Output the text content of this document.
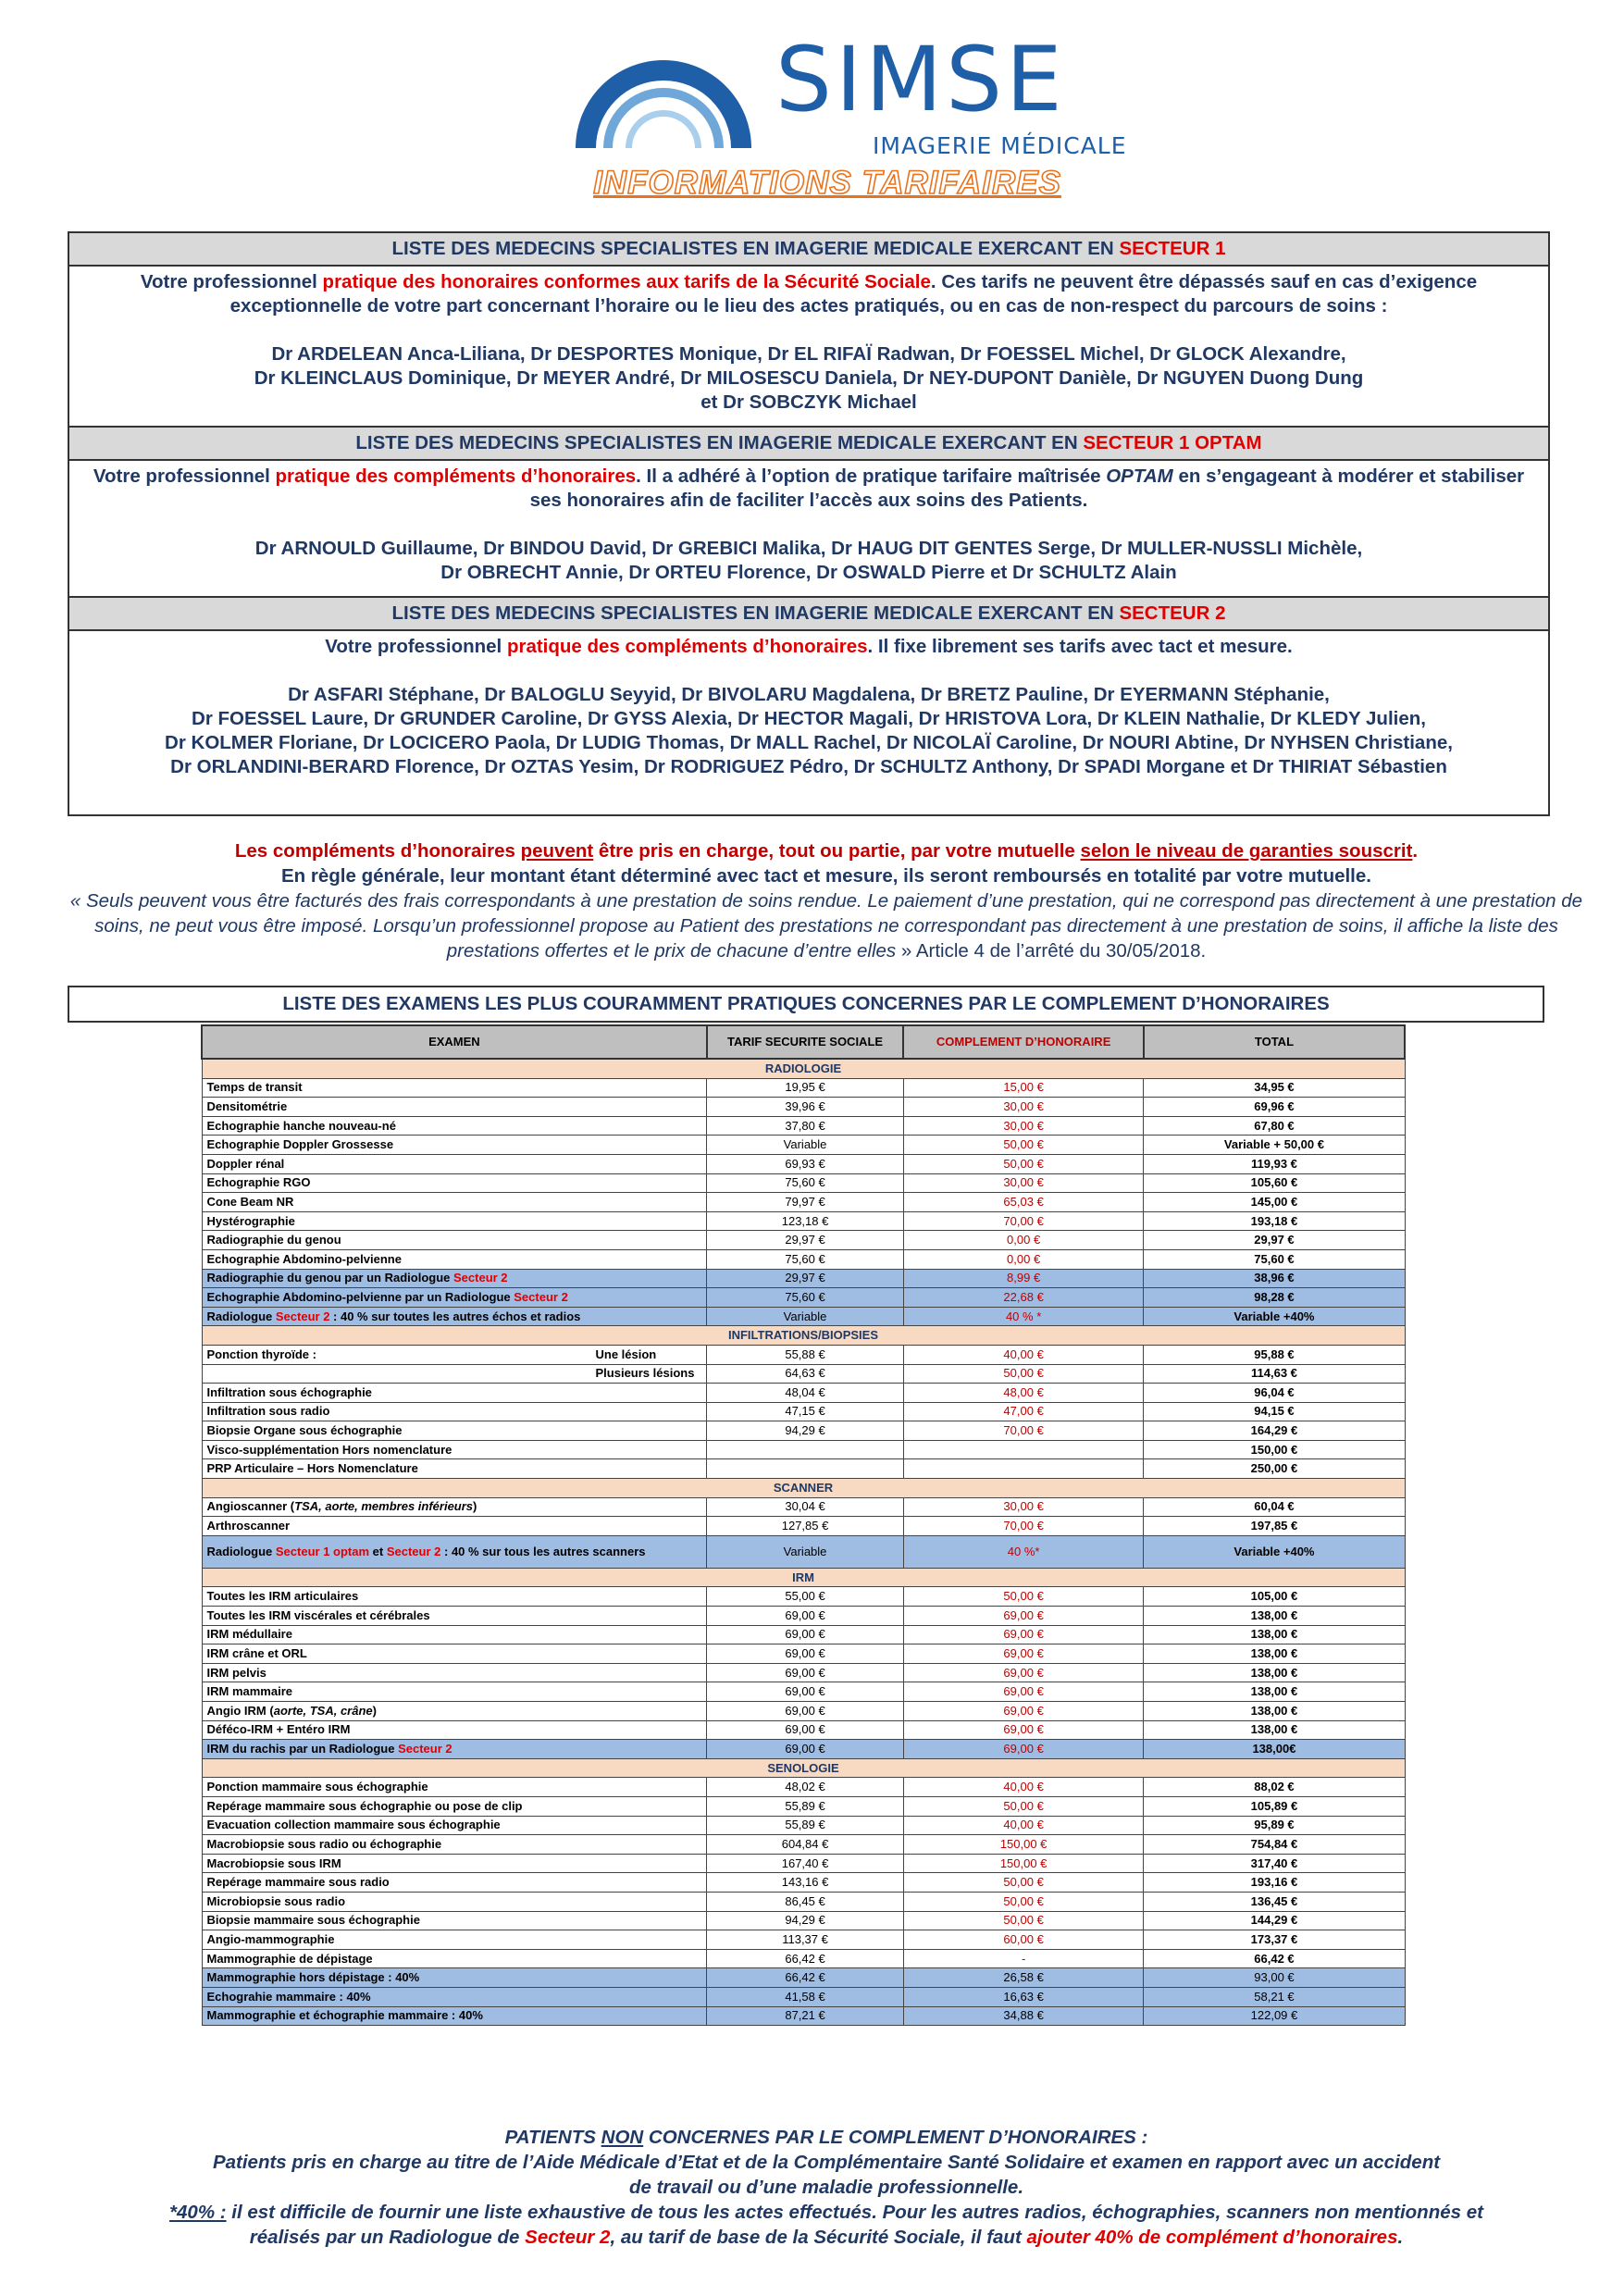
SIMSE
IMAGERIE MÉDICALE
INFORMATIONS TARIFAIRES
LISTE DES MEDECINS SPECIALISTES EN IMAGERIE MEDICALE EXERCANT EN SECTEUR 1
Votre professionnel pratique des honoraires conformes aux tarifs de la Sécurité Sociale. Ces tarifs ne peuvent être dépassés sauf en cas d’exigence exceptionnelle de votre part concernant l’horaire ou le lieu des actes pratiqués, ou en cas de non-respect du parcours de soins :
Dr ARDELEAN Anca-Liliana, Dr DESPORTES Monique, Dr EL RIFAÏ Radwan, Dr FOESSEL Michel, Dr GLOCK Alexandre,
Dr KLEINCLAUS Dominique, Dr MEYER André, Dr MILOSESCU Daniela, Dr NEY-DUPONT Danièle, Dr NGUYEN Duong Dung
et Dr SOBCZYK Michael
LISTE DES MEDECINS SPECIALISTES EN IMAGERIE MEDICALE EXERCANT EN SECTEUR 1 OPTAM
Votre professionnel pratique des compléments d’honoraires. Il a adhéré à l’option de pratique tarifaire maîtrisée OPTAM en s’engageant à modérer et stabiliser ses honoraires afin de faciliter l’accès aux soins des Patients.
Dr ARNOULD Guillaume, Dr BINDOU David, Dr GREBICI Malika, Dr HAUG DIT GENTES Serge, Dr MULLER-NUSSLI Michèle,
Dr OBRECHT Annie, Dr ORTEU Florence, Dr OSWALD Pierre et Dr SCHULTZ Alain
LISTE DES MEDECINS SPECIALISTES EN IMAGERIE MEDICALE EXERCANT EN SECTEUR 2
Votre professionnel pratique des compléments d’honoraires. Il fixe librement ses tarifs avec tact et mesure.
Dr ASFARI Stéphane, Dr BALOGLU Seyyid, Dr BIVOLARU Magdalena, Dr BRETZ Pauline, Dr EYERMANN Stéphanie,
Dr FOESSEL Laure, Dr GRUNDER Caroline, Dr GYSS Alexia, Dr HECTOR Magali, Dr HRISTOVA Lora, Dr KLEIN Nathalie, Dr KLEDY Julien,
Dr KOLMER Floriane, Dr LOCICERO Paola, Dr LUDIG Thomas, Dr MALL Rachel, Dr NICOLAÏ Caroline, Dr NOURI Abtine, Dr NYHSEN Christiane,
Dr ORLANDINI-BERARD Florence, Dr OZTAS Yesim, Dr RODRIGUEZ Pédro, Dr SCHULTZ Anthony, Dr SPADI Morgane et Dr THIRIAT Sébastien
Les compléments d’honoraires peuvent être pris en charge, tout ou partie, par votre mutuelle selon le niveau de garanties souscrit.
En règle générale, leur montant étant déterminé avec tact et mesure, ils seront remboursés en totalité par votre mutuelle.
« Seuls peuvent vous être facturés des frais correspondants à une prestation de soins rendue. Le paiement d’une prestation, qui ne correspond pas directement à une prestation de soins, ne peut vous être imposé. Lorsqu’un professionnel propose au Patient des prestations ne correspondant pas directement à une prestation de soins, il affiche la liste des prestations offertes et le prix de chacune d’entre elles » Article 4 de l’arrêté du 30/05/2018.
LISTE DES EXAMENS LES PLUS COURAMMENT PRATIQUES CONCERNES PAR LE COMPLEMENT D’HONORAIRES
EXAMEN	TARIF SECURITE SOCIALE	COMPLEMENT D’HONORAIRE	TOTAL
RADIOLOGIE			
Temps de transit	19,95 €	15,00 €	34,95 €
Densitométrie	39,96 €	30,00 €	69,96 €
Echographie hanche nouveau-né	37,80 €	30,00 €	67,80 €
Echographie Doppler Grossesse	Variable	50,00 €	Variable + 50,00 €
Doppler rénal	69,93 €	50,00 €	119,93 €
Echographie RGO	75,60 €	30,00 €	105,60 €
Cone Beam NR	79,97 €	65,03 €	145,00 €
Hystérographie	123,18 €	70,00 €	193,18 €
Radiographie du genou	29,97 €	0,00 €	29,97 €
Echographie Abdomino-pelvienne	75,60 €	0,00 €	75,60 €
Radiographie du genou par un Radiologue Secteur 2	29,97 €	8,99 €	38,96 €
Echographie Abdomino-pelvienne par un Radiologue Secteur 2	75,60 €	22,68 €	98,28 €
Radiologue Secteur 2 : 40 % sur toutes les autres échos et radios	Variable	40 % *	Variable +40%
INFILTRATIONS/BIOPSIES			
Ponction thyroïde : Une lésion	55,88 €	40,00 €	95,88 €

Plusieurs lésions	64,63 €	50,00 €	114,63 €
Infiltration sous échographie	48,04 €	48,00 €	96,04 €
Infiltration sous radio	47,15 €	47,00 €	94,15 €
Biopsie Organe sous échographie	94,29 €	70,00 €	164,29 €
Visco-supplémentation Hors nomenclature			150,00 €
PRP Articulaire – Hors Nomenclature			250,00 €
SCANNER			
Angioscanner (TSA, aorte, membres inférieurs)	30,04 €	30,00 €	60,04 €
Arthroscanner	127,85 €	70,00 €	197,85 €
Radiologue Secteur 1 optam et Secteur 2 : 40 % sur tous les autres scanners	Variable	40 %*	Variable +40%
IRM			
Toutes les IRM articulaires	55,00 €	50,00 €	105,00 €
Toutes les IRM viscérales et cérébrales	69,00 €	69,00 €	138,00 €
IRM médullaire	69,00 €	69,00 €	138,00 €
IRM crâne et ORL	69,00 €	69,00 €	138,00 €
IRM pelvis	69,00 €	69,00 €	138,00 €
IRM mammaire	69,00 €	69,00 €	138,00 €
Angio IRM (aorte, TSA, crâne)	69,00 €	69,00 €	138,00 €
Déféco-IRM + Entéro IRM	69,00 €	69,00 €	138,00 €
IRM du rachis par un Radiologue Secteur 2	69,00 €	69,00 €	138,00€
SENOLOGIE			
Ponction mammaire sous échographie	48,02 €	40,00 €	88,02 €
Repérage mammaire sous échographie ou pose de clip	55,89 €	50,00 €	105,89 €
Evacuation collection mammaire sous échographie	55,89 €	40,00 €	95,89 €
Macrobiopsie sous radio ou échographie	604,84 €	150,00 €	754,84 €
Macrobiopsie sous IRM	167,40 €	150,00 €	317,40 €
Repérage mammaire sous radio	143,16 €	50,00 €	193,16 €
Microbiopsie sous radio	86,45 €	50,00 €	136,45 €
Biopsie mammaire sous échographie	94,29 €	50,00 €	144,29 €
Angio-mammographie	113,37 €	60,00 €	173,37 €
Mammographie de dépistage	66,42 €	-	66,42 €
Mammographie hors dépistage : 40%	66,42 €	26,58 €	93,00 €
Echograhie mammaire : 40%	41,58 €	16,63 €	58,21 €
Mammographie et échographie mammaire : 40%	87,21 €	34,88 €	122,09 €
PATIENTS NON CONCERNES PAR LE COMPLEMENT D’HONORAIRES :
Patients pris en charge au titre de l’Aide Médicale d’Etat et de la Complémentaire Santé Solidaire et examen en rapport avec un accident
de travail ou d’une maladie professionnelle.
*40% : il est difficile de fournir une liste exhaustive de tous les actes effectués. Pour les autres radios, échographies, scanners non mentionnés et
réalisés par un Radiologue de Secteur 2, au tarif de base de la Sécurité Sociale, il faut ajouter 40% de complément d’honoraires.
